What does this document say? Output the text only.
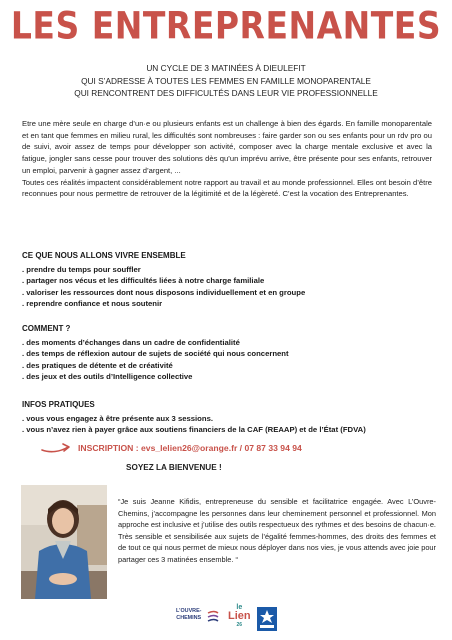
LES ENTREPRENANTES
UN CYCLE DE 3 MATINÉES À DIEULEFIT
QUI S’ADRESSE À TOUTES LES FEMMES EN FAMILLE MONOPARENTALE
QUI RENCONTRENT DES DIFFICULTÉS DANS LEUR VIE PROFESSIONNELLE

Etre une mère seule en charge d’un·e ou plusieurs enfants est un challenge à bien des égards. En famille monoparentale et en tant que femmes en milieu rural, les difficultés sont nombreuses : faire garder son ou ses enfants pour un rdv pro ou de suivi, avoir assez de temps pour développer son activité, composer avec la charge mentale exclusive et avec la fatigue, jongler sans cesse pour trouver des solutions dès qu’un imprévu arrive, être présente pour ses enfants, retrouver un emploi, parvenir à gagner assez d’argent, ...

Toutes ces réalités impactent considérablement notre rapport au travail et au monde professionnel. Elles ont besoin d’être reconnues pour nous permettre de retrouver de la légitimité et de la légèreté. C’est la vocation des Entreprenantes.

CE QUE NOUS ALLONS VIVRE ENSEMBLE
. prendre du temps pour souffler
. partager nos vécus et les difficultés liées à notre charge familiale
. valoriser les ressources dont nous disposons individuellement et en groupe
. reprendre confiance et nous soutenir
COMMENT ?
. des moments d’échanges dans un cadre de confidentialité
. des temps de réflexion autour de sujets de société qui nous concernent
. des pratiques de détente et de créativité
. des jeux et des outils d’Intelligence collective
INFOS PRATIQUES
. vous vous engagez à être présente aux 3 sessions.
. vous n’avez rien à payer grâce aux soutiens financiers de la CAF (REAAP) et de l’État (FDVA)
INSCRIPTION : evs_lelien26@orange.fr / 07 87 33 94 94
SOYEZ LA BIENVENUE !
“Je suis Jeanne Kifidis, entrepreneuse du sensible et facilitatrice engagée. Avec L’Ouvre-Chemins, j’accompagne les personnes dans leur cheminement personnel et professionnel. Mon approche est inclusive et j’utilise des outils respectueux des rythmes et des besoins de chacun·e. Très sensible et sensibilisée aux sujets de l’égalité femmes-hommes, des droits des femmes et de tout ce qui nous permet de mieux nous déployer dans nos vies, je vous attends avec joie pour partager ces 3 matinées ensemble. “
L’OUVRE-
CHEMINS
le
Lien
26
